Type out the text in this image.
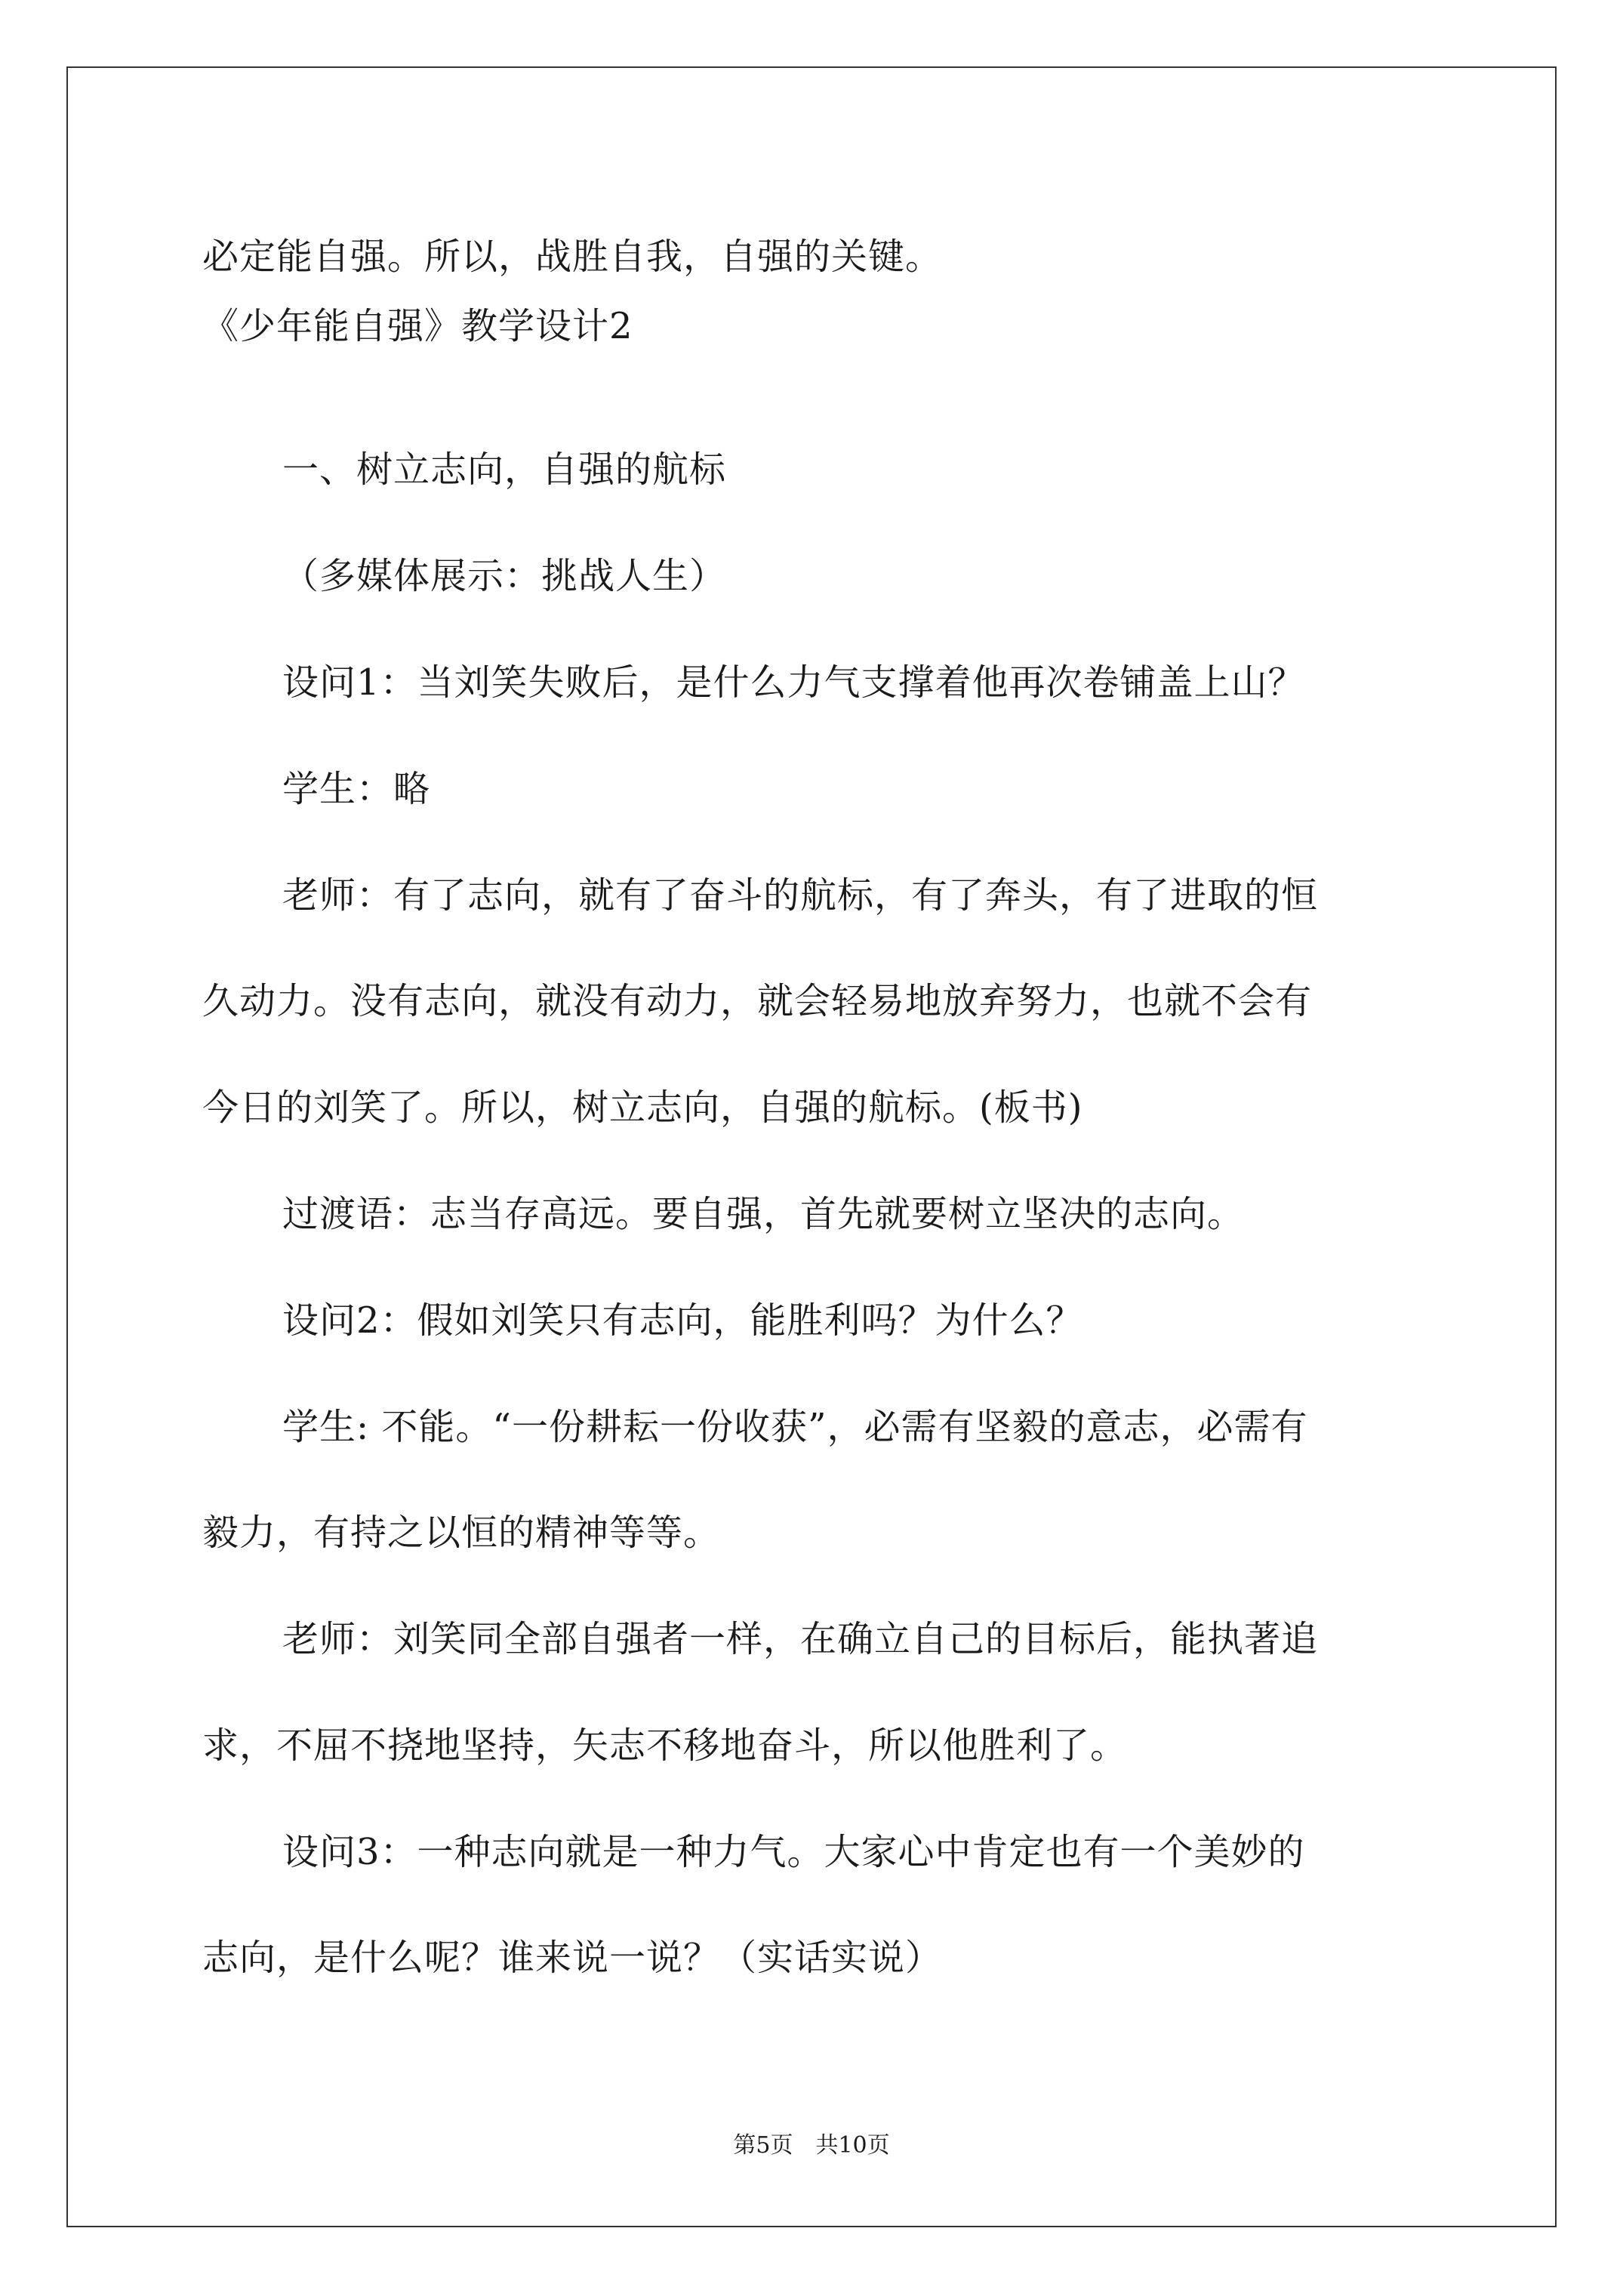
必定能自强。所以，战胜自我，自强的关键。
《少年能自强》教学设计2
一、树立志向，自强的航标
（多媒体展示：挑战人生）
设问1：当刘笑失败后，是什么力气支撑着他再次卷铺盖上山？
学生：略
老师：有了志向，就有了奋斗的航标，有了奔头，有了进取的恒
久动力。没有志向，就没有动力，就会轻易地放弃努力，也就不会有
今日的刘笑了。所以，树立志向，自强的航标。(板书)
过渡语：志当存高远。要自强，首先就要树立坚决的志向。
设问2：假如刘笑只有志向，能胜利吗？为什么？
学生: 不能。“一份耕耘一份收获”，必需有坚毅的意志，必需有
毅力，有持之以恒的精神等等。
老师：刘笑同全部自强者一样，在确立自己的目标后，能执著追
求，不屈不挠地坚持，矢志不移地奋斗，所以他胜利了。
设问3：一种志向就是一种力气。大家心中肯定也有一个美妙的
志向，是什么呢？谁来说一说？（实话实说）
第5页　共10页
